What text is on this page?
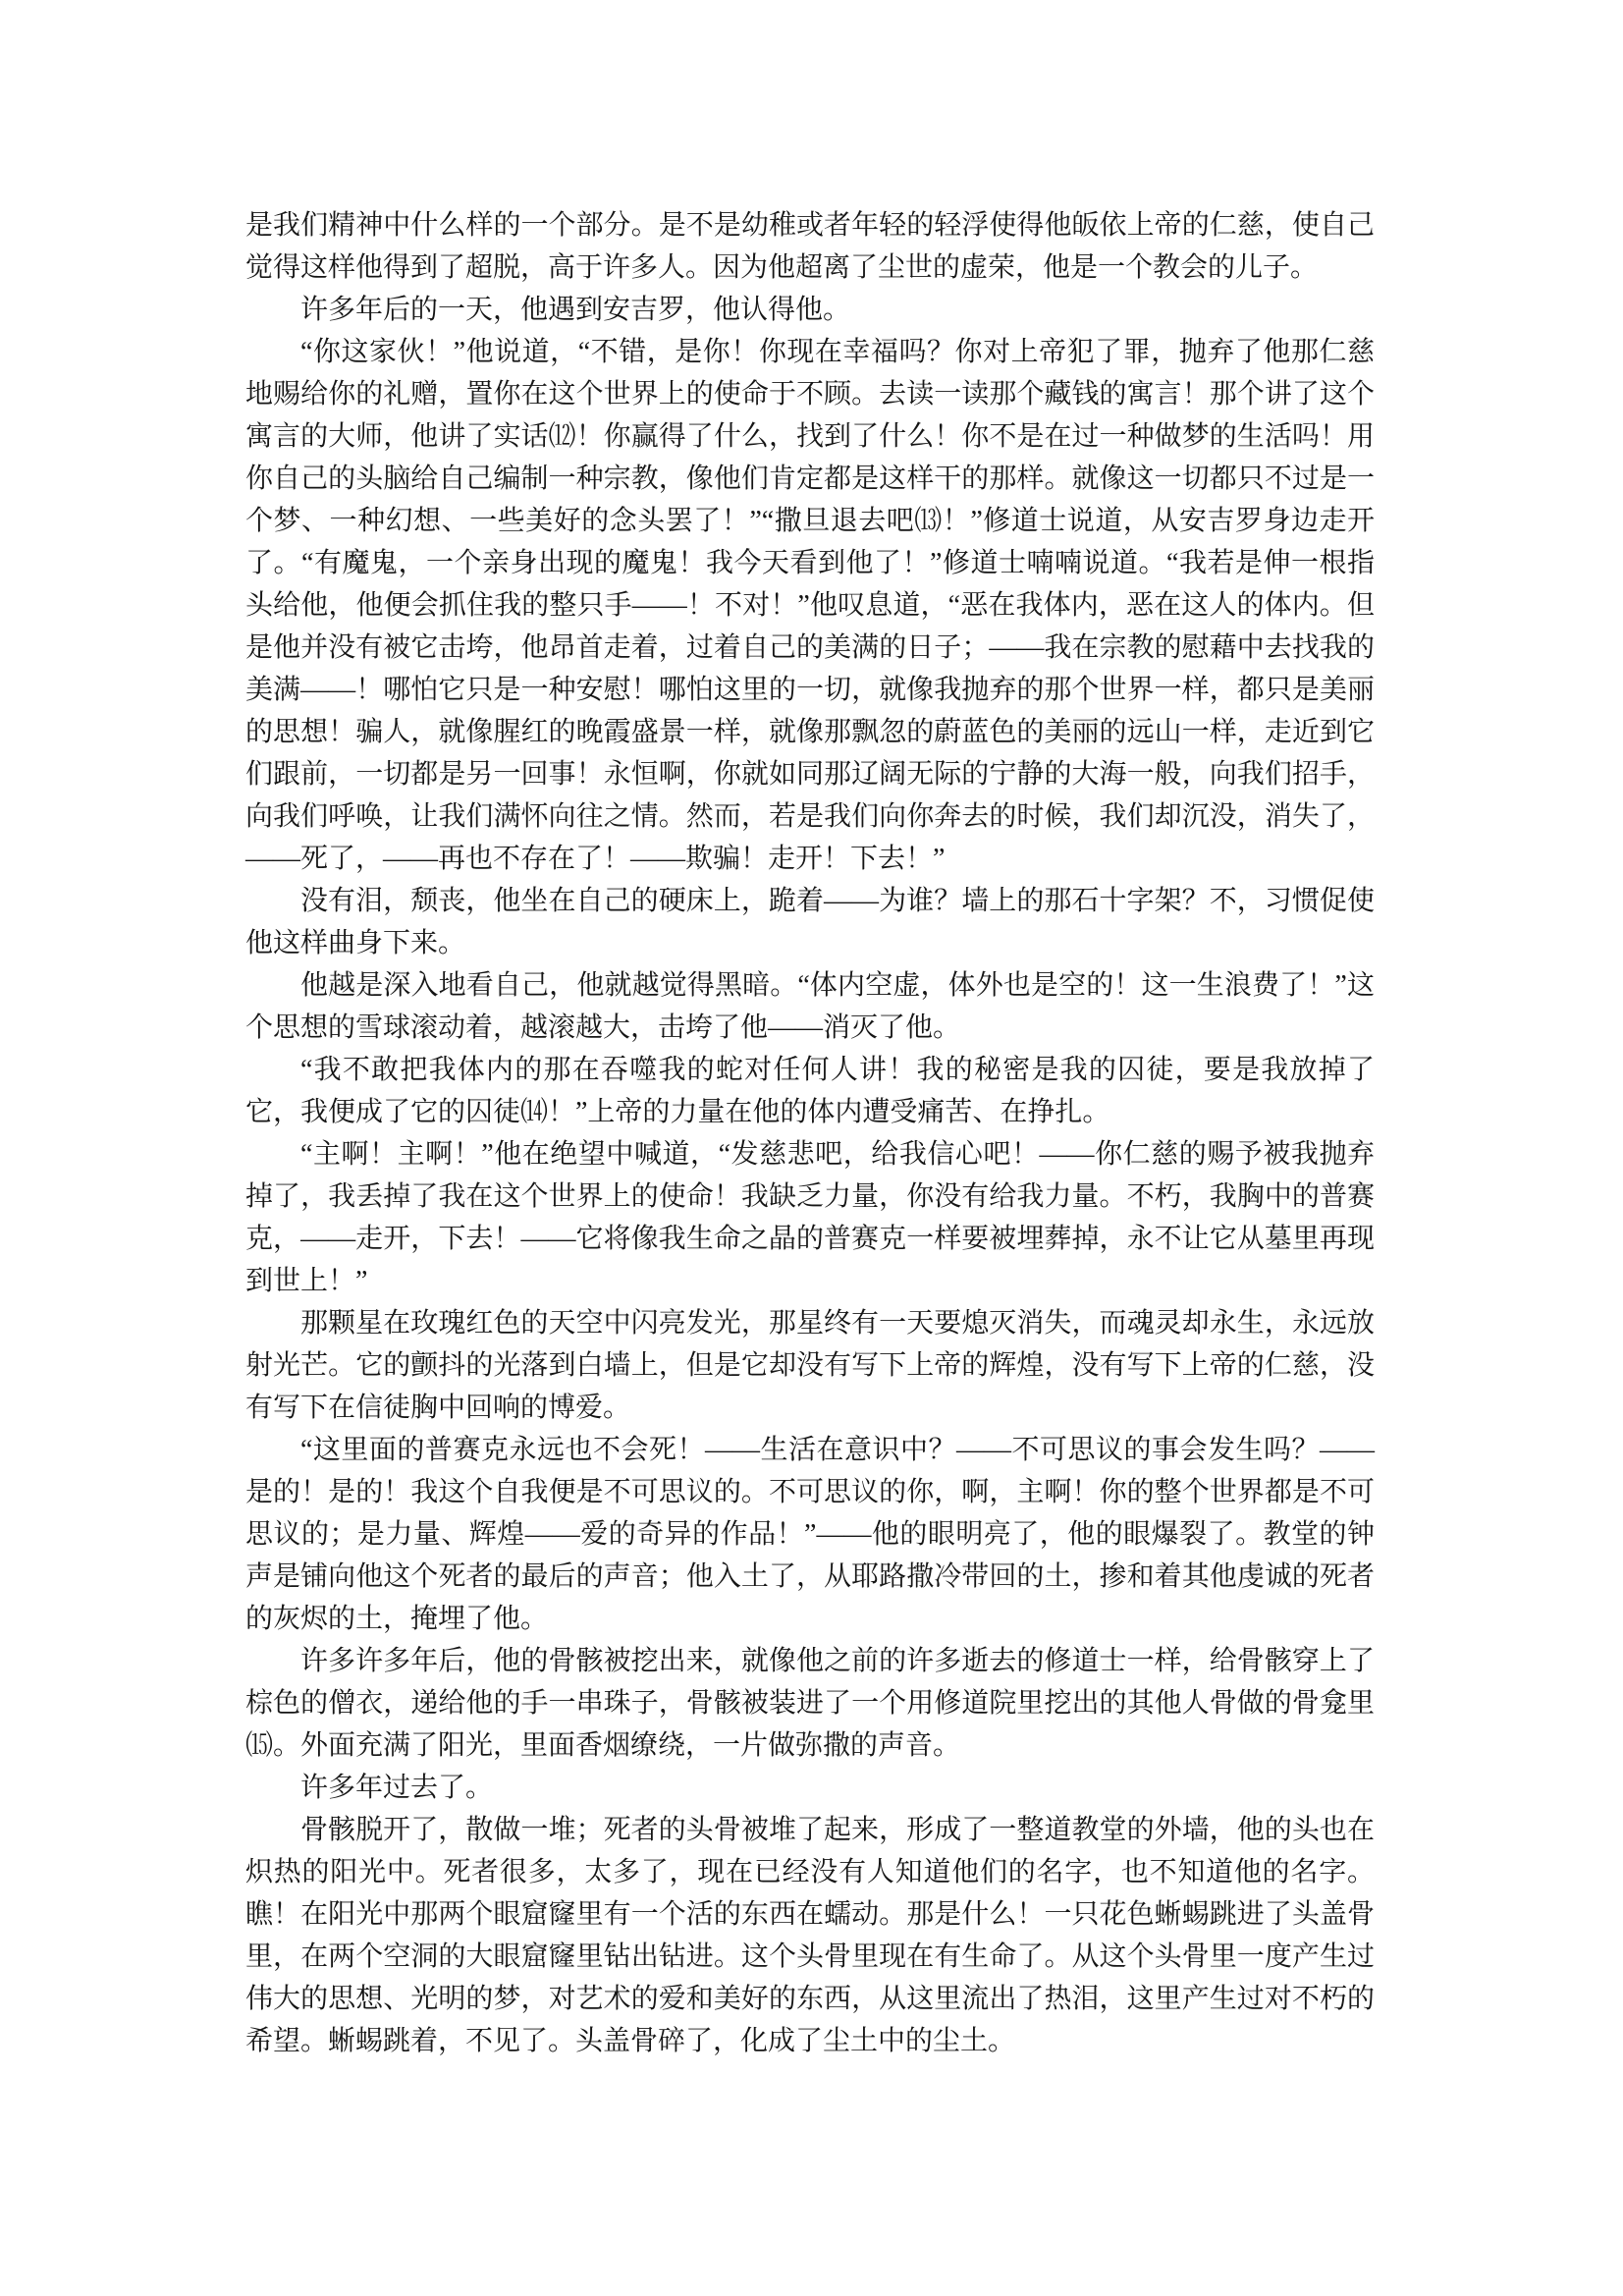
是我们精神中什么样的一个部分。是不是幼稚或者年轻的轻浮使得他皈依上帝的仁慈，使自己觉得这样他得到了超脱，高于许多人。因为他超离了尘世的虚荣，他是一个教会的儿子。

许多年后的一天，他遇到安吉罗，他认得他。

“你这家伙！”他说道，“不错，是你！你现在幸福吗？你对上帝犯了罪，抛弃了他那仁慈地赐给你的礼赠，置你在这个世界上的使命于不顾。去读一读那个藏钱的寓言！那个讲了这个寓言的大师，他讲了实话⑿！你赢得了什么，找到了什么！你不是在过一种做梦的生活吗！用你自己的头脑给自己编制一种宗教，像他们肯定都是这样干的那样。就像这一切都只不过是一个梦、一种幻想、一些美好的念头罢了！”“撒旦退去吧⒀！”修道士说道，从安吉罗身边走开了。“有魔鬼，一个亲身出现的魔鬼！我今天看到他了！”修道士喃喃说道。“我若是伸一根指头给他，他便会抓住我的整只手——！不对！”他叹息道，“恶在我体内，恶在这人的体内。但是他并没有被它击垮，他昂首走着，过着自己的美满的日子；——我在宗教的慰藉中去找我的美满——！哪怕它只是一种安慰！哪怕这里的一切，就像我抛弃的那个世界一样，都只是美丽的思想！骗人，就像腥红的晚霞盛景一样，就像那飘忽的蔚蓝色的美丽的远山一样，走近到它们跟前，一切都是另一回事！永恒啊，你就如同那辽阔无际的宁静的大海一般，向我们招手，向我们呼唤，让我们满怀向往之情。然而，若是我们向你奔去的时候，我们却沉没，消失了，——死了，——再也不存在了！——欺骗！走开！下去！”

没有泪，颓丧，他坐在自己的硬床上，跪着——为谁？墙上的那石十字架？不，习惯促使他这样曲身下来。

他越是深入地看自己，他就越觉得黑暗。“体内空虚，体外也是空的！这一生浪费了！”这个思想的雪球滚动着，越滚越大，击垮了他——消灭了他。

“我不敢把我体内的那在吞噬我的蛇对任何人讲！我的秘密是我的囚徒，要是我放掉了它，我便成了它的囚徒⒁！”上帝的力量在他的体内遭受痛苦、在挣扎。

“主啊！主啊！”他在绝望中喊道，“发慈悲吧，给我信心吧！——你仁慈的赐予被我抛弃掉了，我丢掉了我在这个世界上的使命！我缺乏力量，你没有给我力量。不朽，我胸中的普赛克，——走开，下去！——它将像我生命之晶的普赛克一样要被埋葬掉，永不让它从墓里再现到世上！”

那颗星在玫瑰红色的天空中闪亮发光，那星终有一天要熄灭消失，而魂灵却永生，永远放射光芒。它的颤抖的光落到白墙上，但是它却没有写下上帝的辉煌，没有写下上帝的仁慈，没有写下在信徒胸中回响的博爱。

“这里面的普赛克永远也不会死！——生活在意识中？——不可思议的事会发生吗？——是的！是的！我这个自我便是不可思议的。不可思议的你，啊，主啊！你的整个世界都是不可思议的；是力量、辉煌——爱的奇异的作品！”——他的眼明亮了，他的眼爆裂了。教堂的钟声是铺向他这个死者的最后的声音；他入土了，从耶路撒冷带回的土，掺和着其他虔诚的死者的灰烬的土，掩埋了他。

许多许多年后，他的骨骸被挖出来，就像他之前的许多逝去的修道士一样，给骨骸穿上了棕色的僧衣，递给他的手一串珠子，骨骸被装进了一个用修道院里挖出的其他人骨做的骨龛里⒂。外面充满了阳光，里面香烟缭绕，一片做弥撒的声音。

许多年过去了。

骨骸脱开了，散做一堆；死者的头骨被堆了起来，形成了一整道教堂的外墙，他的头也在炽热的阳光中。死者很多，太多了，现在已经没有人知道他们的名字，也不知道他的名字。瞧！在阳光中那两个眼窟窿里有一个活的东西在蠕动。那是什么！一只花色蜥蜴跳进了头盖骨里，在两个空洞的大眼窟窿里钻出钻进。这个头骨里现在有生命了。从这个头骨里一度产生过伟大的思想、光明的梦，对艺术的爱和美好的东西，从这里流出了热泪，这里产生过对不朽的希望。蜥蜴跳着，不见了。头盖骨碎了，化成了尘土中的尘土。
